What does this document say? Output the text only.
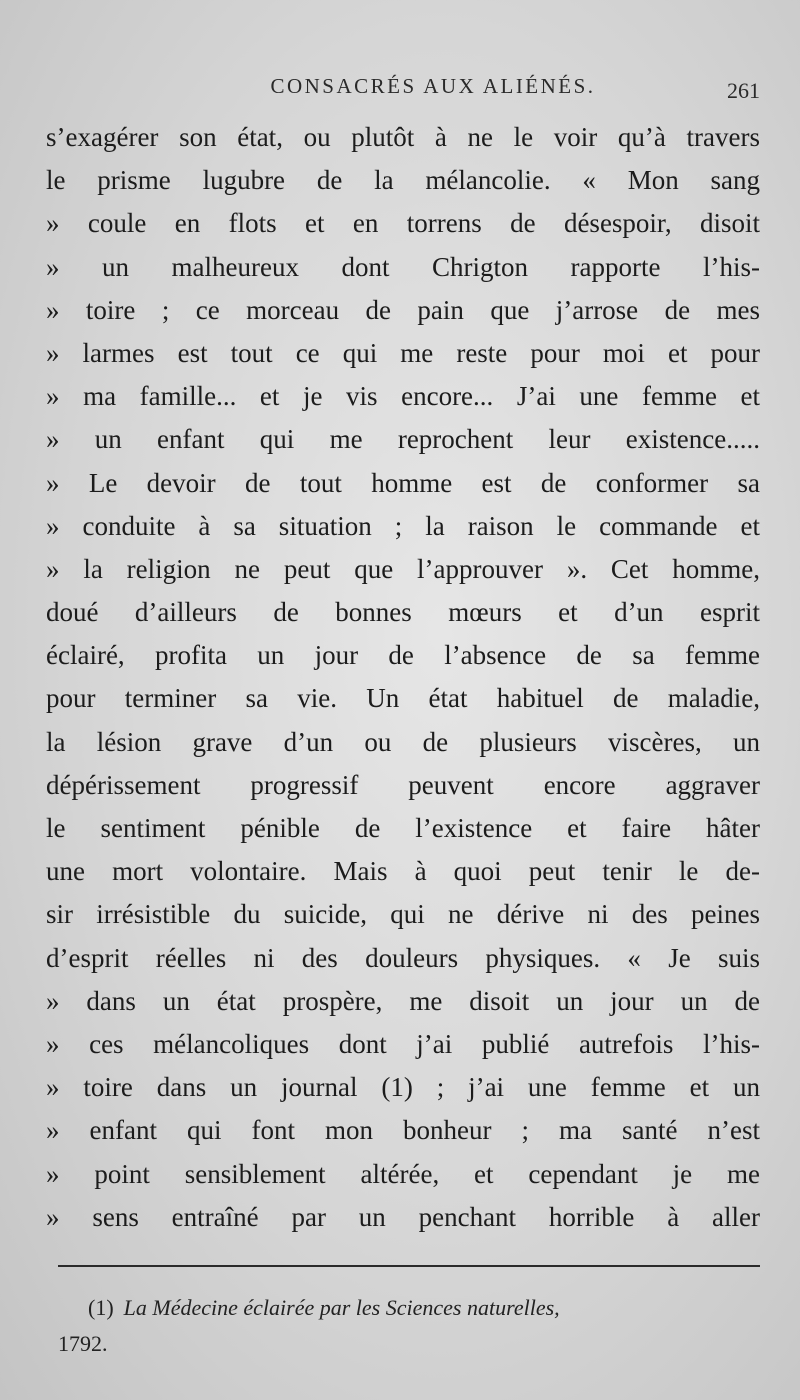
CONSACRÉS AUX ALIÉNÉS.	261
s’exagérer son état, ou plutôt à ne le voir qu’à travers
le prisme lugubre de la mélancolie. « Mon sang
» coule en flots et en torrens de désespoir, disoit
» un malheureux dont Chrigton rapporte l’his-
» toire ; ce morceau de pain que j’arrose de mes
» larmes est tout ce qui me reste pour moi et pour
» ma famille... et je vis encore... J’ai une femme et
» un enfant qui me reprochent leur existence.....
» Le devoir de tout homme est de conformer sa
» conduite à sa situation ; la raison le commande et
» la religion ne peut que l’approuver ». Cet homme,
doué d’ailleurs de bonnes mœurs et d’un esprit
éclairé, profita un jour de l’absence de sa femme
pour terminer sa vie. Un état habituel de maladie,
la lésion grave d’un ou de plusieurs viscères, un
dépérissement progressif peuvent encore aggraver
le sentiment pénible de l’existence et faire hâter
une mort volontaire. Mais à quoi peut tenir le de-
sir irrésistible du suicide, qui ne dérive ni des peines
d’esprit réelles ni des douleurs physiques. « Je suis
» dans un état prospère, me disoit un jour un de
» ces mélancoliques dont j’ai publié autrefois l’his-
» toire dans un journal (1) ; j’ai une femme et un
» enfant qui font mon bonheur ; ma santé n’est
» point sensiblement altérée, et cependant je me
» sens entraîné par un penchant horrible à aller
(1) La Médecine éclairée par les Sciences naturelles,
1792.
